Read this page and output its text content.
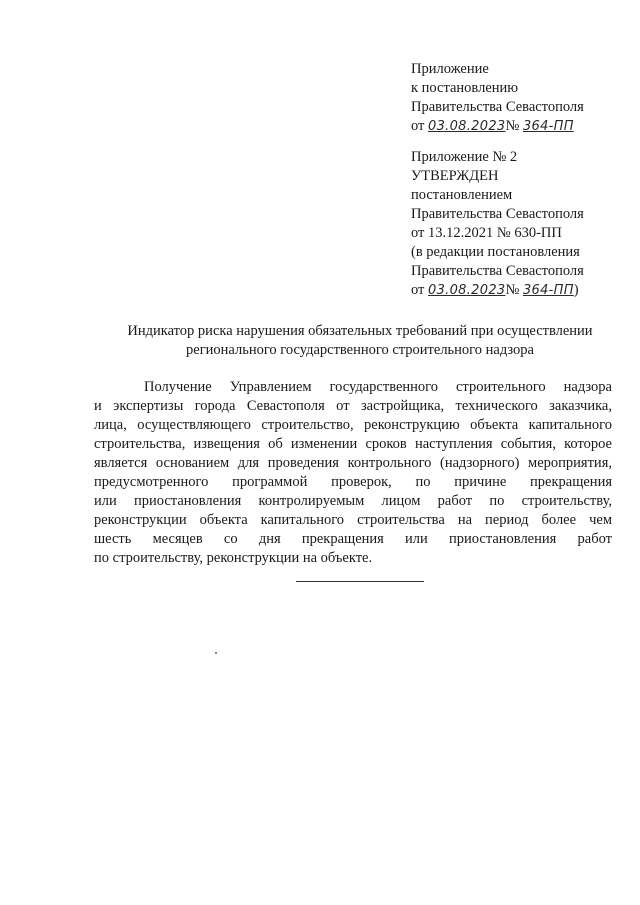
Приложение
к постановлению
Правительства Севастополя
от 03.08.2023№ 364-ПП
Приложение № 2
УТВЕРЖДЕН
постановлением
Правительства Севастополя
от 13.12.2021 № 630-ПП
(в редакции постановления
Правительства Севастополя
от 03.08.2023№ 364-ПП)
Индикатор риска нарушения обязательных требований при осуществлении
регионального государственного строительного надзора
Получение Управлением государственного строительного надзора
и экспертизы города Севастополя от застройщика, технического заказчика,
лица, осуществляющего строительство, реконструкцию объекта капитального
строительства, извещения об изменении сроков наступления события, которое
является основанием для проведения контрольного (надзорного) мероприятия,
предусмотренного программой проверок, по причине прекращения
или приостановления контролируемым лицом работ по строительству,
реконструкции объекта капитального строительства на период более чем
шесть месяцев со дня прекращения или приостановления работ
по строительству, реконструкции на объекте.
